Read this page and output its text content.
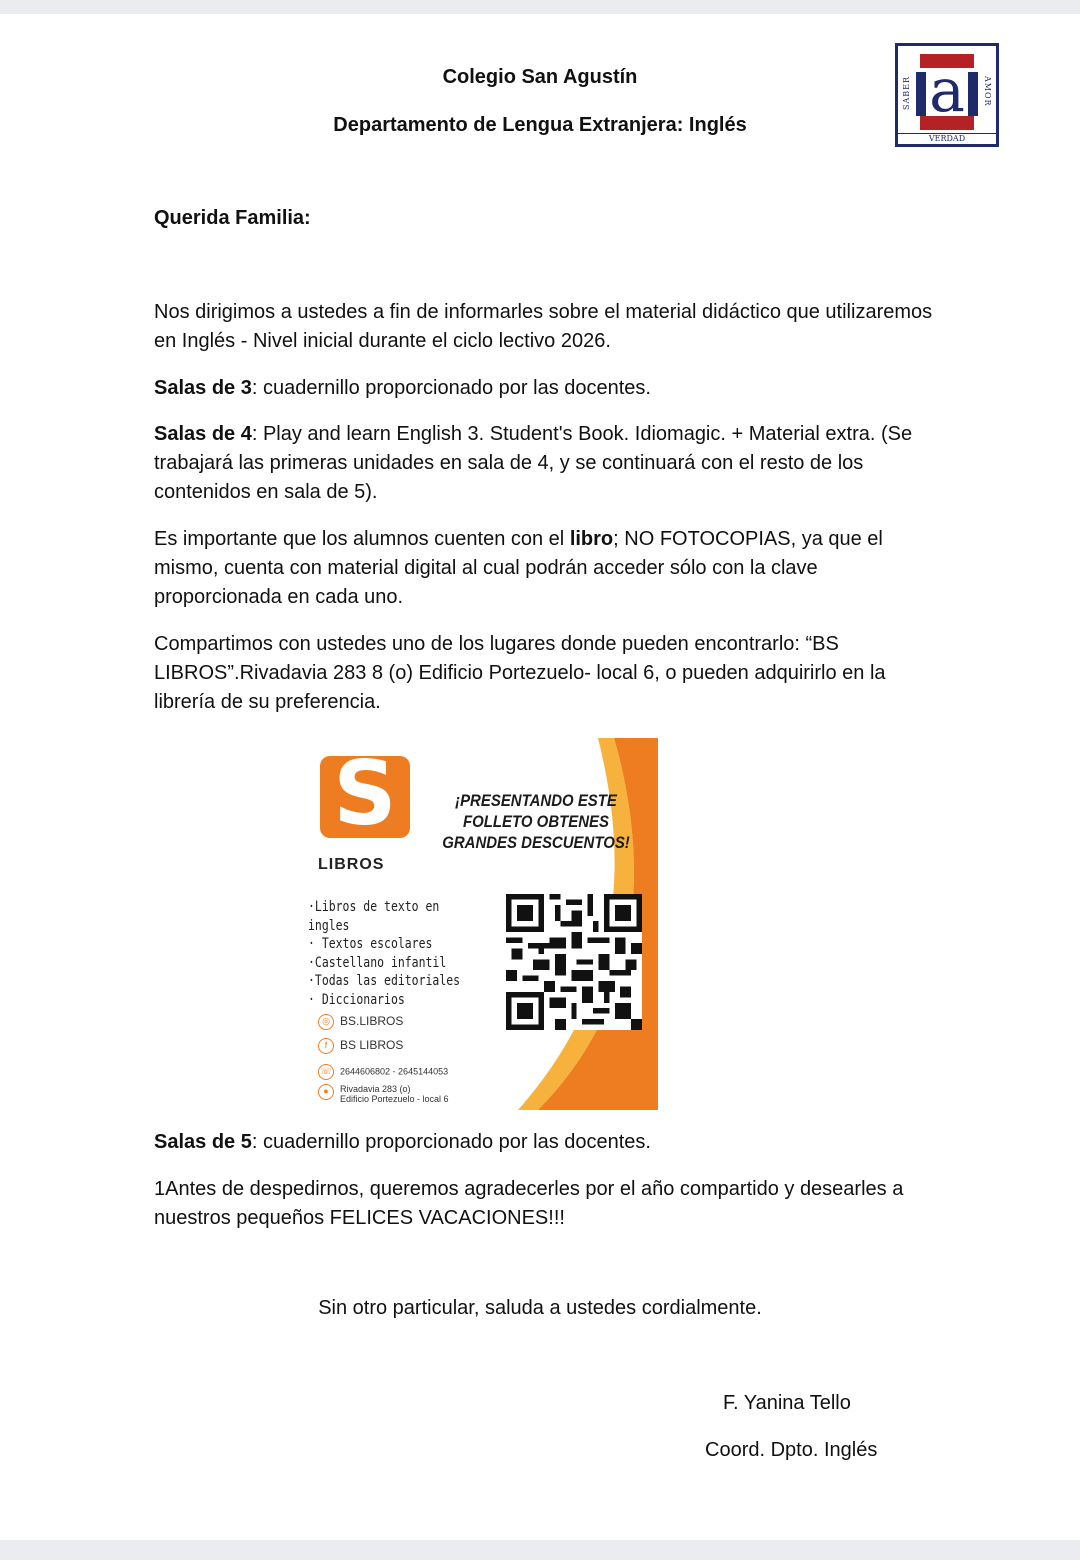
Colegio San Agustín
Departamento de Lengua Extranjera: Inglés	a
SABER	AMOR
VERDAD
Querida Familia:
Nos dirigimos a ustedes a fin de informarles sobre el material didáctico que utilizaremos en Inglés - Nivel inicial durante el ciclo lectivo 2026.
Salas de 3: cuadernillo proporcionado por las docentes.
Salas de 4: Play and learn English 3. Student's Book. Idiomagic. + Material extra. (Se trabajará las primeras unidades en sala de 4, y se continuará con el resto de los contenidos en sala de 5).
Es importante que los alumnos cuenten con el libro; NO FOTOCOPIAS, ya que el mismo, cuenta con material digital al cual podrán acceder sólo con la clave proporcionada en cada uno.
Compartimos con ustedes uno de los lugares donde pueden encontrarlo: “BS LIBROS”.Rivadavia 283 8 (o) Edificio Portezuelo- local 6, o pueden adquirirlo en la librería de su preferencia.
S
LIBROS
¡PRESENTANDO ESTE
FOLLETO OBTENES
GRANDES DESCUENTOS!
·Libros de texto en ingles
· Textos escolares
·Castellano infantil
·Todas las editoriales
· Diccionarios
◎ BS.LIBROS
f BS LIBROS
☏ 2644606802 - 2645144053
●	Rivadavia 283 (o)
Edificio Portezuelo - local 6
Salas de 5: cuadernillo proporcionado por las docentes.
1Antes de despedirnos, queremos agradecerles por el año compartido y desearles a nuestros pequeños FELICES VACACIONES!!!
Sin otro particular, saluda a ustedes cordialmente.
F. Yanina Tello
Coord. Dpto. Inglés
